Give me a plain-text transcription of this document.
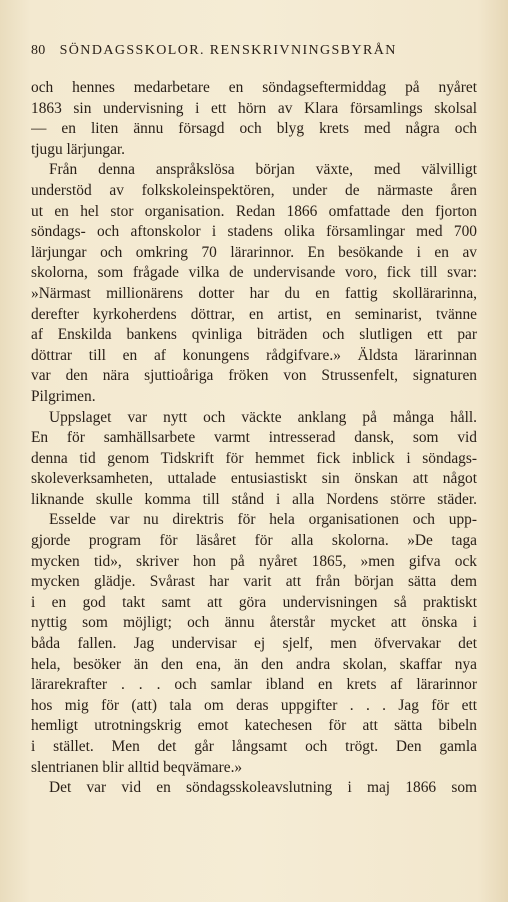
80 SÖNDAGSSKOLOR. RENSKRIVNINGSBYRÅN
och hennes medarbetare en söndagseftermiddag på nyåret
1863 sin undervisning i ett hörn av Klara församlings skolsal
— en liten ännu försagd och blyg krets med några och
tjugu lärjungar.
Från denna anspråkslösa början växte, med välvilligt
understöd av folkskoleinspektören, under de närmaste åren
ut en hel stor organisation. Redan 1866 omfattade den fjorton
söndags- och aftonskolor i stadens olika församlingar med 700
lärjungar och omkring 70 lärarinnor. En besökande i en av
skolorna, som frågade vilka de undervisande voro, fick till svar:
»Närmast millionärens dotter har du en fattig skollärarinna,
derefter kyrkoherdens döttrar, en artist, en seminarist, tvänne
af Enskilda bankens qvinliga biträden och slutligen ett par
döttrar till en af konungens rådgifvare.» Äldsta lärarinnan
var den nära sjuttioåriga fröken von Strussenfelt, signaturen
Pilgrimen.
Uppslaget var nytt och väckte anklang på många håll.
En för samhällsarbete varmt intresserad dansk, som vid
denna tid genom Tidskrift för hemmet fick inblick i söndags-
skoleverksamheten, uttalade entusiastiskt sin önskan att något
liknande skulle komma till stånd i alla Nordens större städer.
Esselde var nu direktris för hela organisationen och upp-
gjorde program för läsåret för alla skolorna. »De taga
mycken tid», skriver hon på nyåret 1865, »men gifva ock
mycken glädje. Svårast har varit att från början sätta dem
i en god takt samt att göra undervisningen så praktiskt
nyttig som möjligt; och ännu återstår mycket att önska i
båda fallen. Jag undervisar ej sjelf, men öfvervakar det
hela, besöker än den ena, än den andra skolan, skaffar nya
lärarekrafter . . . och samlar ibland en krets af lärarinnor
hos mig för (att) tala om deras uppgifter . . . Jag för ett
hemligt utrotningskrig emot katechesen för att sätta bibeln
i stället. Men det går långsamt och trögt. Den gamla
slentrianen blir alltid beqvämare.»
Det var vid en söndagsskoleavslutning i maj 1866 som
